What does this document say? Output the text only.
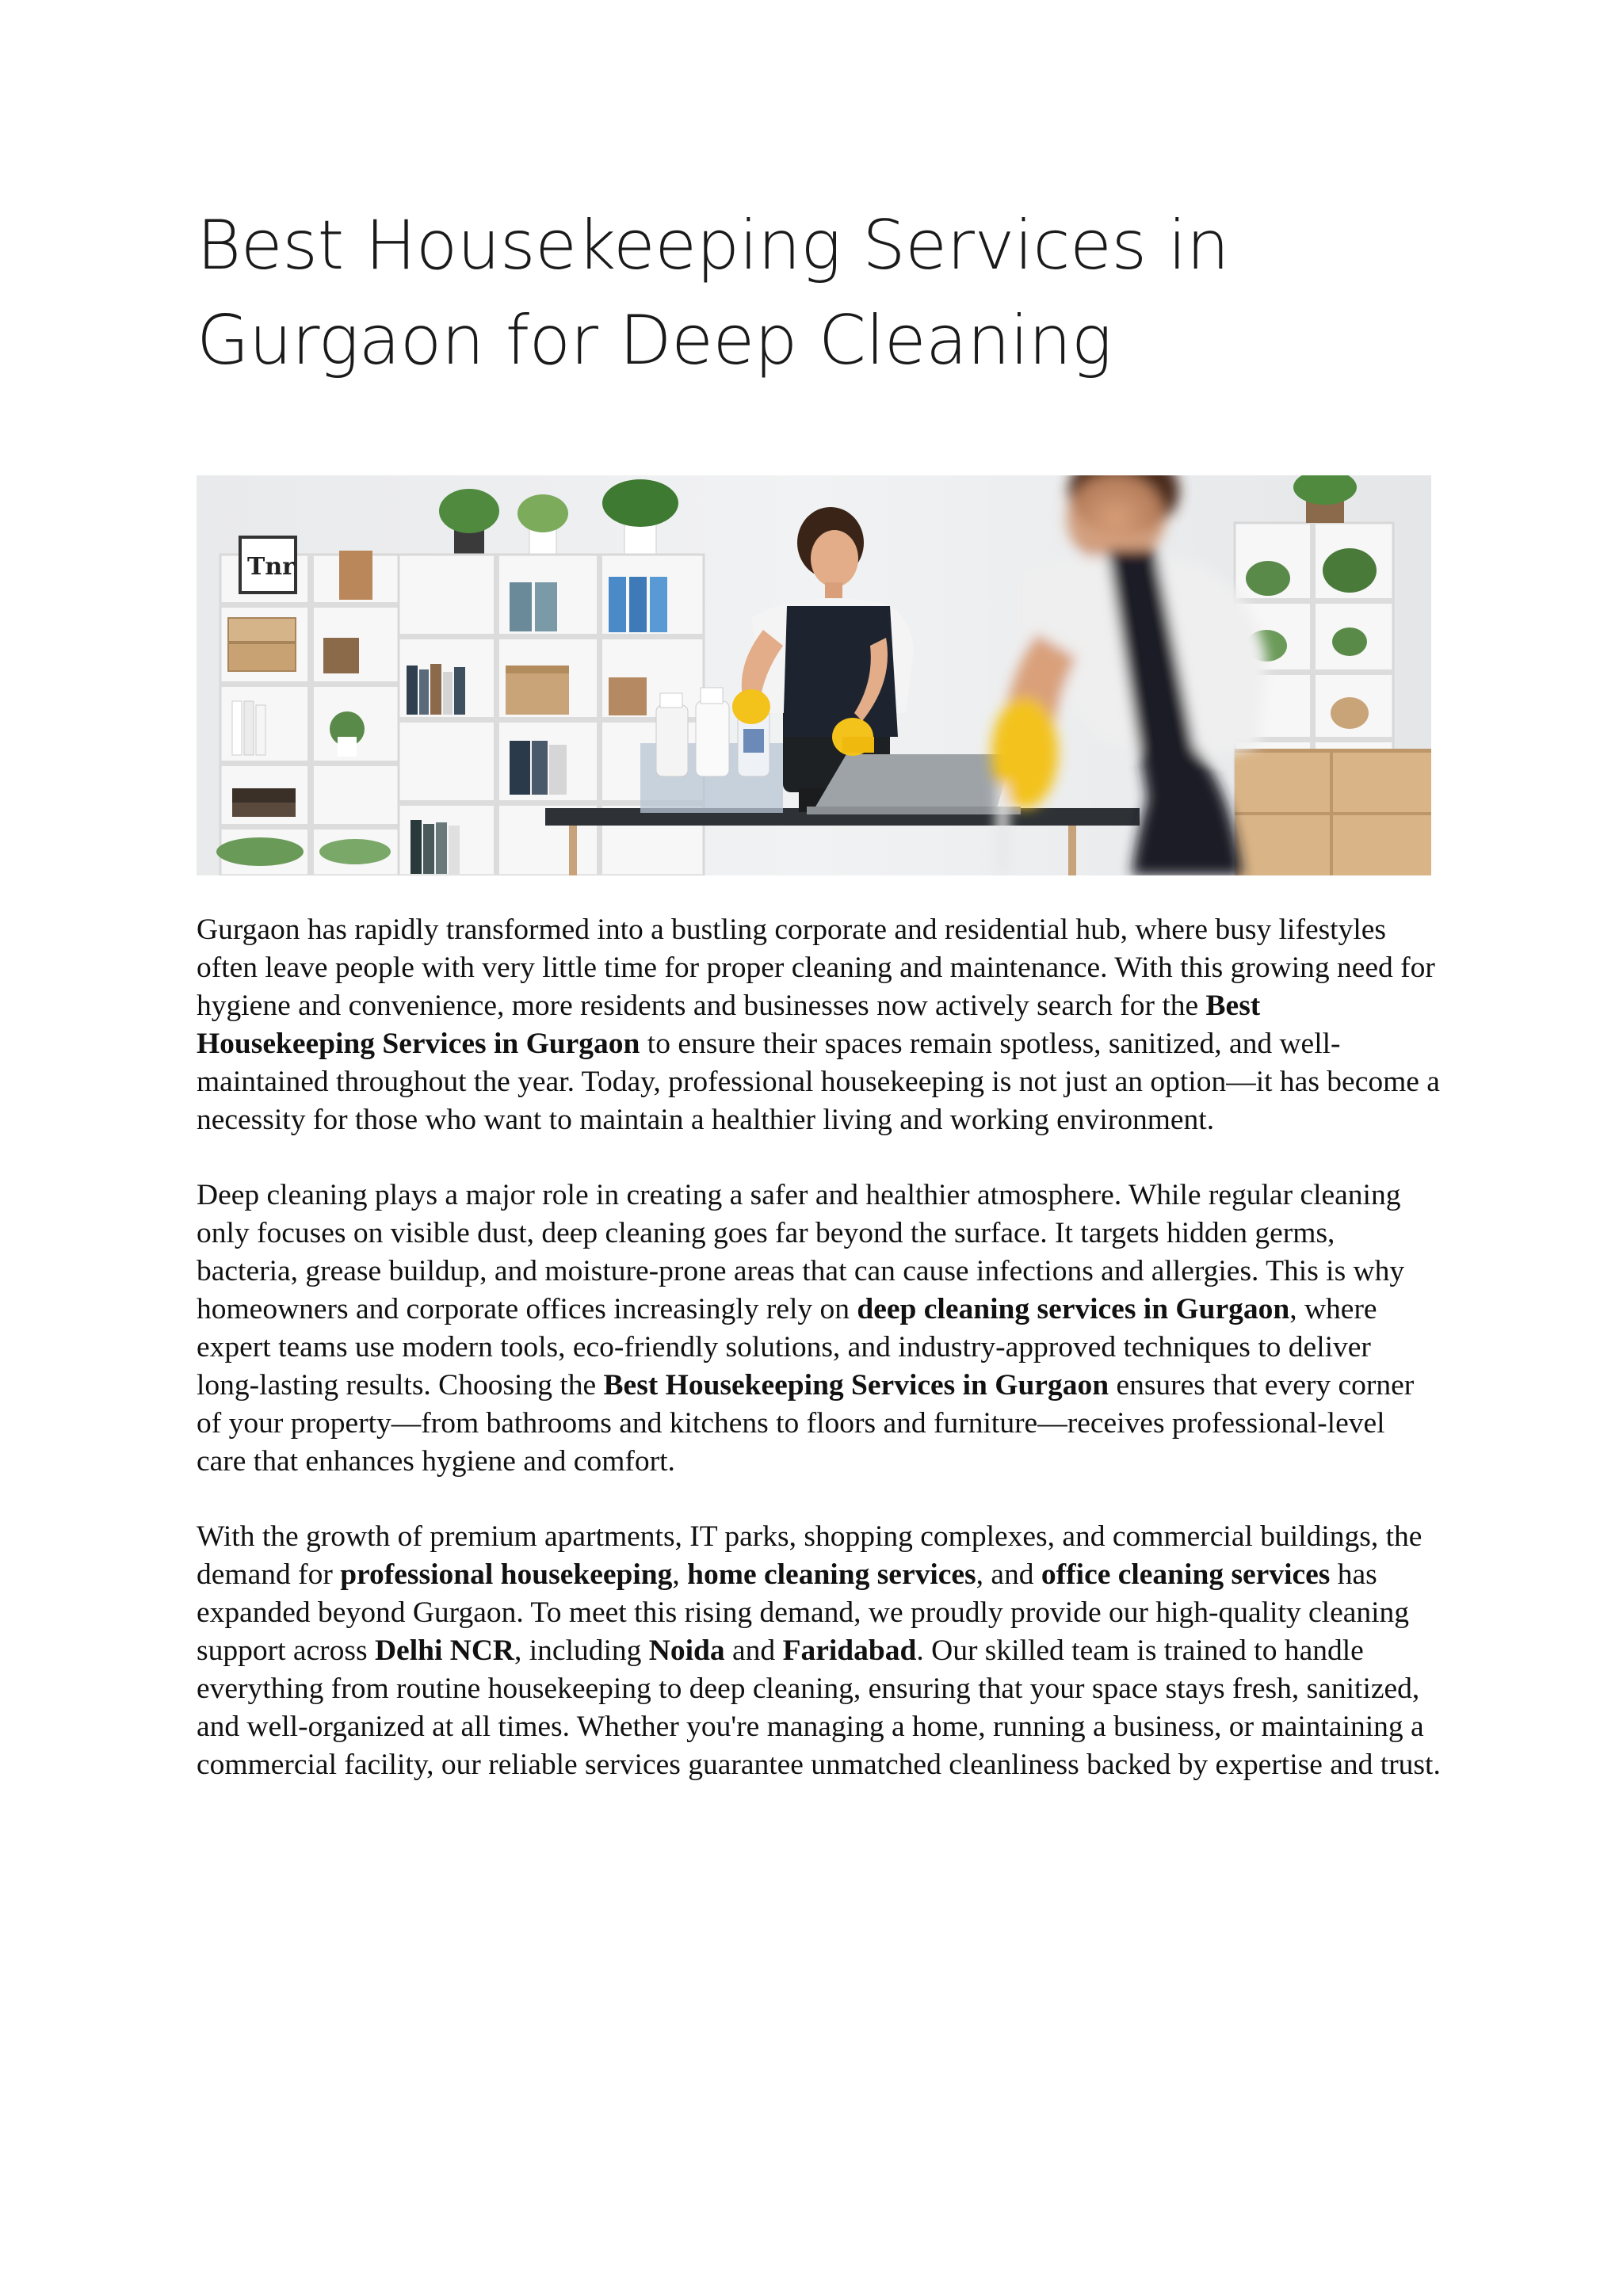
Best Housekeeping Services in Gurgaon for Deep Cleaning
Tnr

Gurgaon has rapidly transformed into a bustling corporate and residential hub, where busy lifestyles often leave people with very little time for proper cleaning and maintenance. With this growing need for hygiene and convenience, more residents and businesses now actively search for the Best Housekeeping Services in Gurgaon to ensure their spaces remain spotless, sanitized, and well-maintained throughout the year. Today, professional housekeeping is not just an option—it has become a necessity for those who want to maintain a healthier living and working environment.

Deep cleaning plays a major role in creating a safer and healthier atmosphere. While regular cleaning only focuses on visible dust, deep cleaning goes far beyond the surface. It targets hidden germs, bacteria, grease buildup, and moisture-prone areas that can cause infections and allergies. This is why homeowners and corporate offices increasingly rely on deep cleaning services in Gurgaon, where expert teams use modern tools, eco-friendly solutions, and industry-approved techniques to deliver long-lasting results. Choosing the Best Housekeeping Services in Gurgaon ensures that every corner of your property—from bathrooms and kitchens to floors and furniture—receives professional-level care that enhances hygiene and comfort.

With the growth of premium apartments, IT parks, shopping complexes, and commercial buildings, the demand for professional housekeeping, home cleaning services, and office cleaning services has expanded beyond Gurgaon. To meet this rising demand, we proudly provide our high-quality cleaning support across Delhi NCR, including Noida and Faridabad. Our skilled team is trained to handle everything from routine housekeeping to deep cleaning, ensuring that your space stays fresh, sanitized, and well-organized at all times. Whether you're managing a home, running a business, or maintaining a commercial facility, our reliable services guarantee unmatched cleanliness backed by expertise and trust.
